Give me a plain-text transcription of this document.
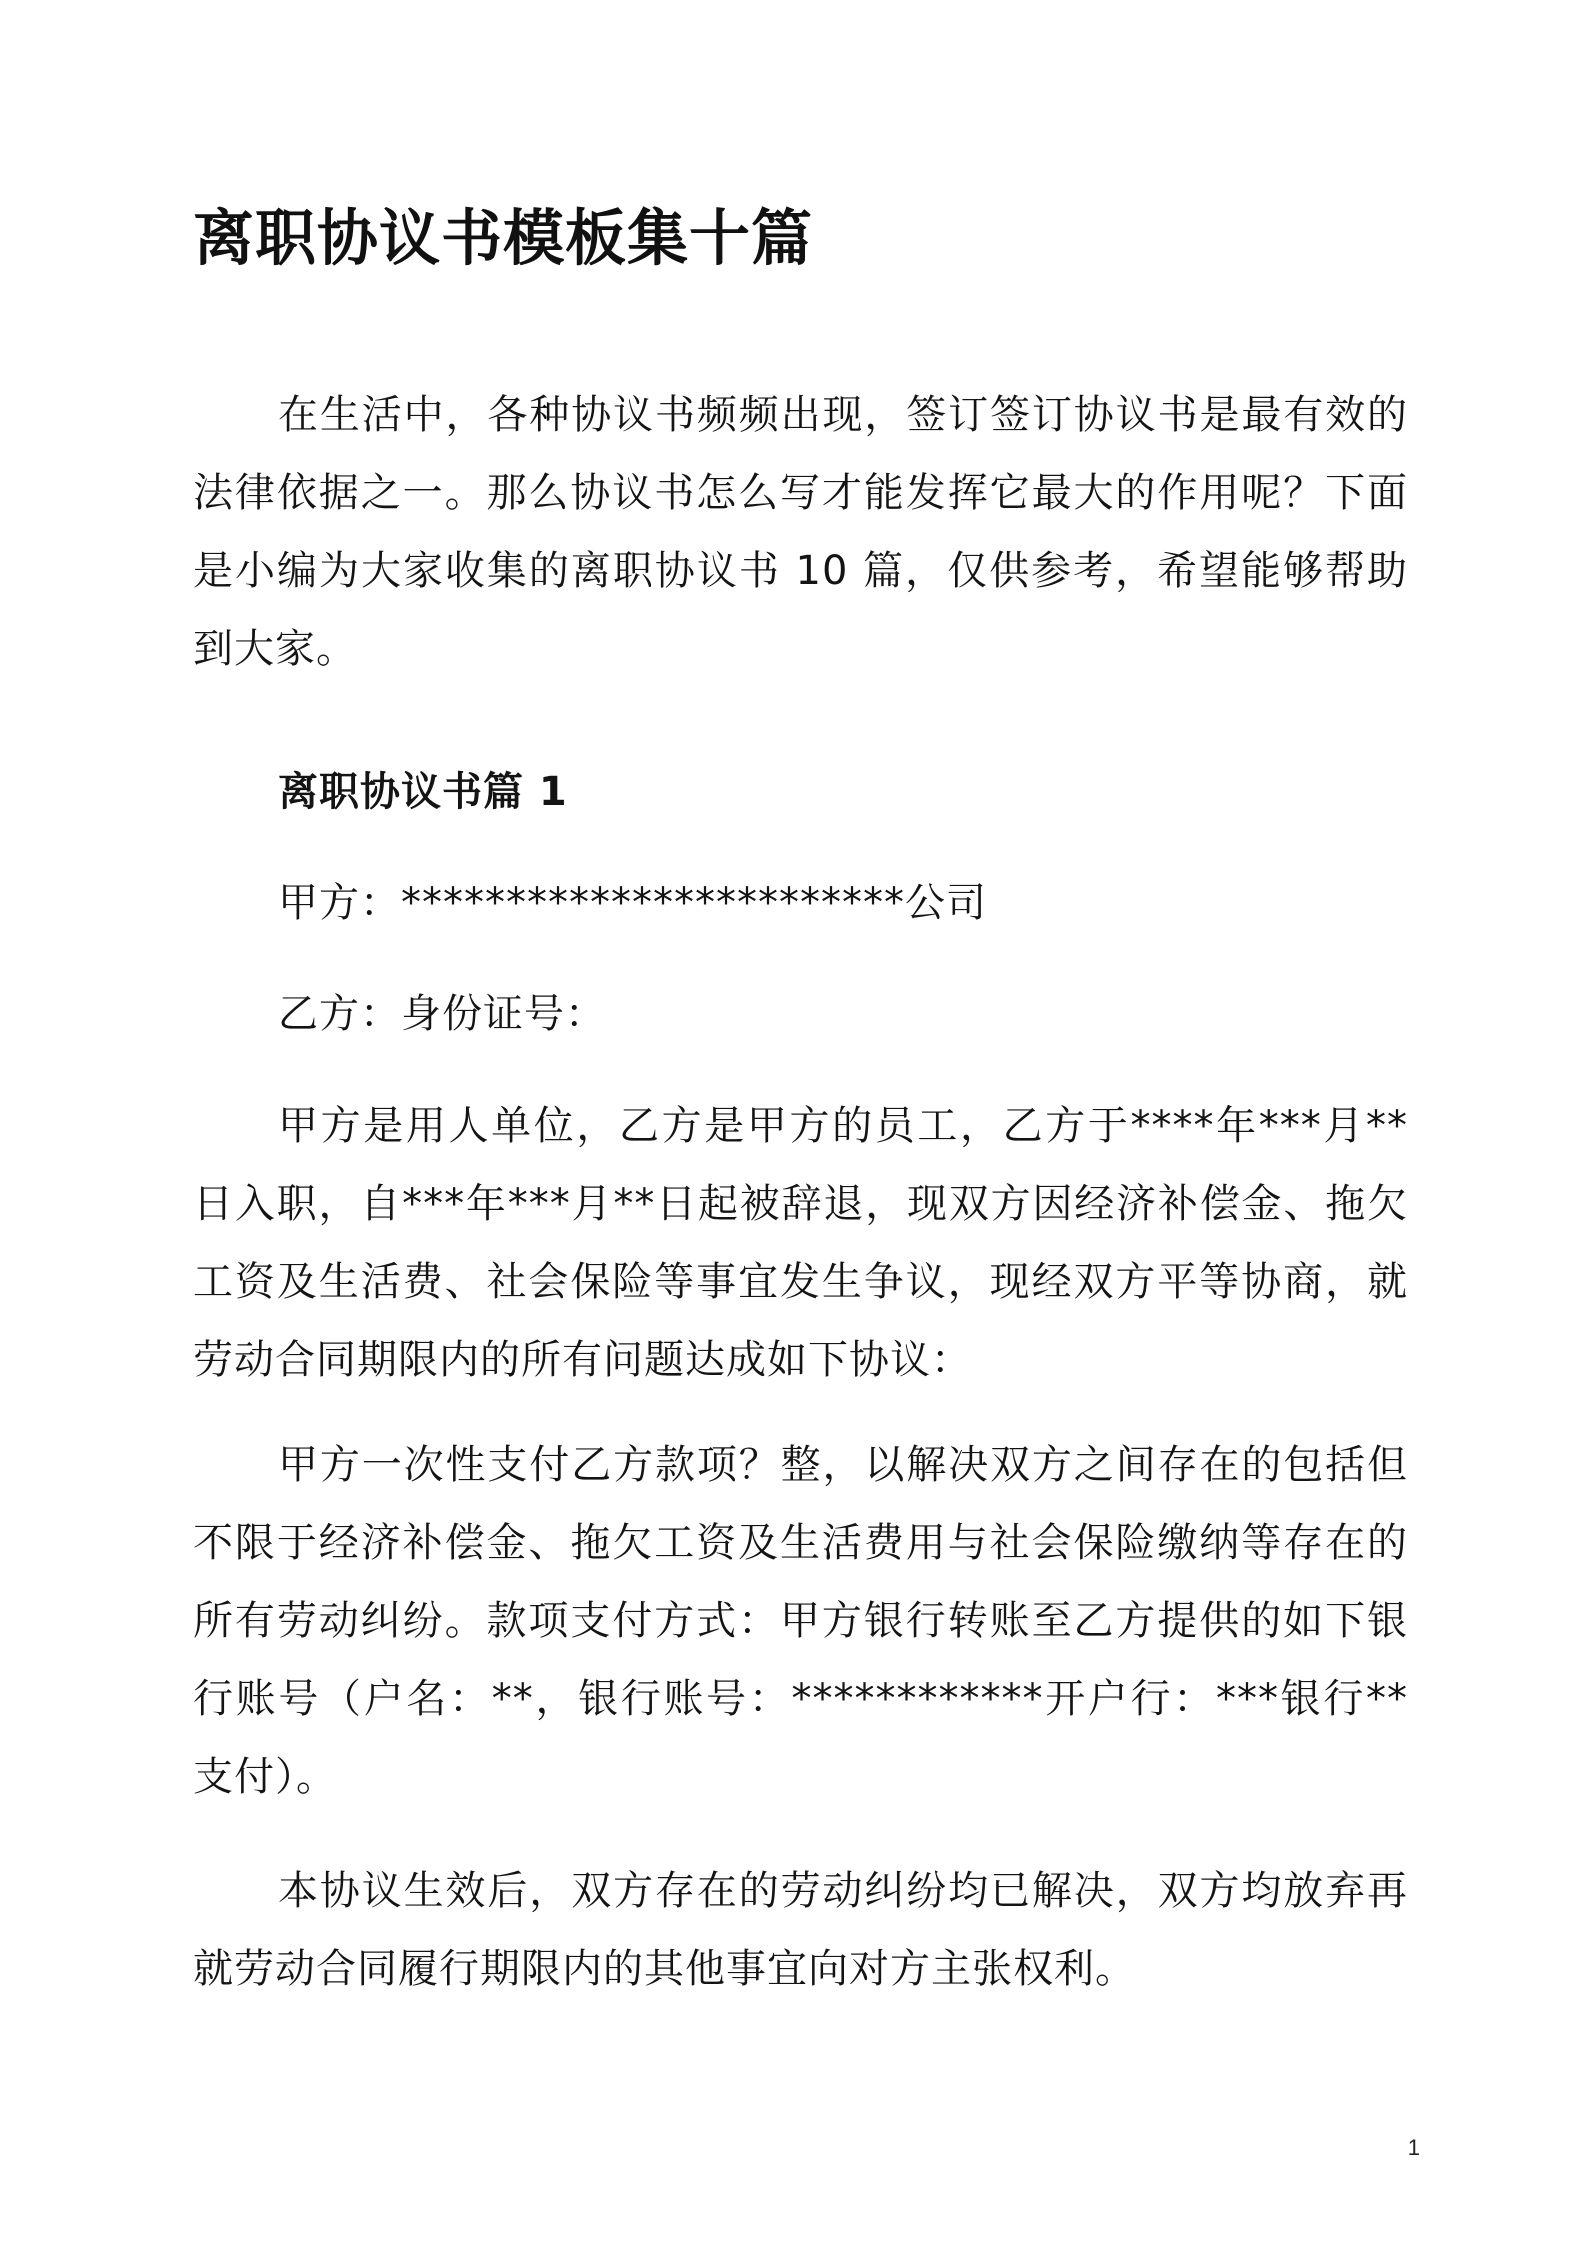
离职协议书模板集十篇

在生活中，各种协议书频频出现，签订签订协议书是最有效的法律依据之一。那么协议书怎么写才能发挥它最大的作用呢？下面是小编为大家收集的离职协议书 10 篇，仅供参考，希望能够帮助到大家。

离职协议书篇 1

甲方：************************公司

乙方：身份证号：

甲方是用人单位，乙方是甲方的员工，乙方于****年***月**日入职，自***年***月**日起被辞退，现双方因经济补偿金、拖欠工资及生活费、社会保险等事宜发生争议，现经双方平等协商，就劳动合同期限内的所有问题达成如下协议：

甲方一次性支付乙方款项？整，以解决双方之间存在的包括但不限于经济补偿金、拖欠工资及生活费用与社会保险缴纳等存在的所有劳动纠纷。款项支付方式：甲方银行转账至乙方提供的如下银行账号（户名：**，银行账号：************开户行：***银行**支付）。

本协议生效后，双方存在的劳动纠纷均已解决，双方均放弃再就劳动合同履行期限内的其他事宜向对方主张权利。

1
